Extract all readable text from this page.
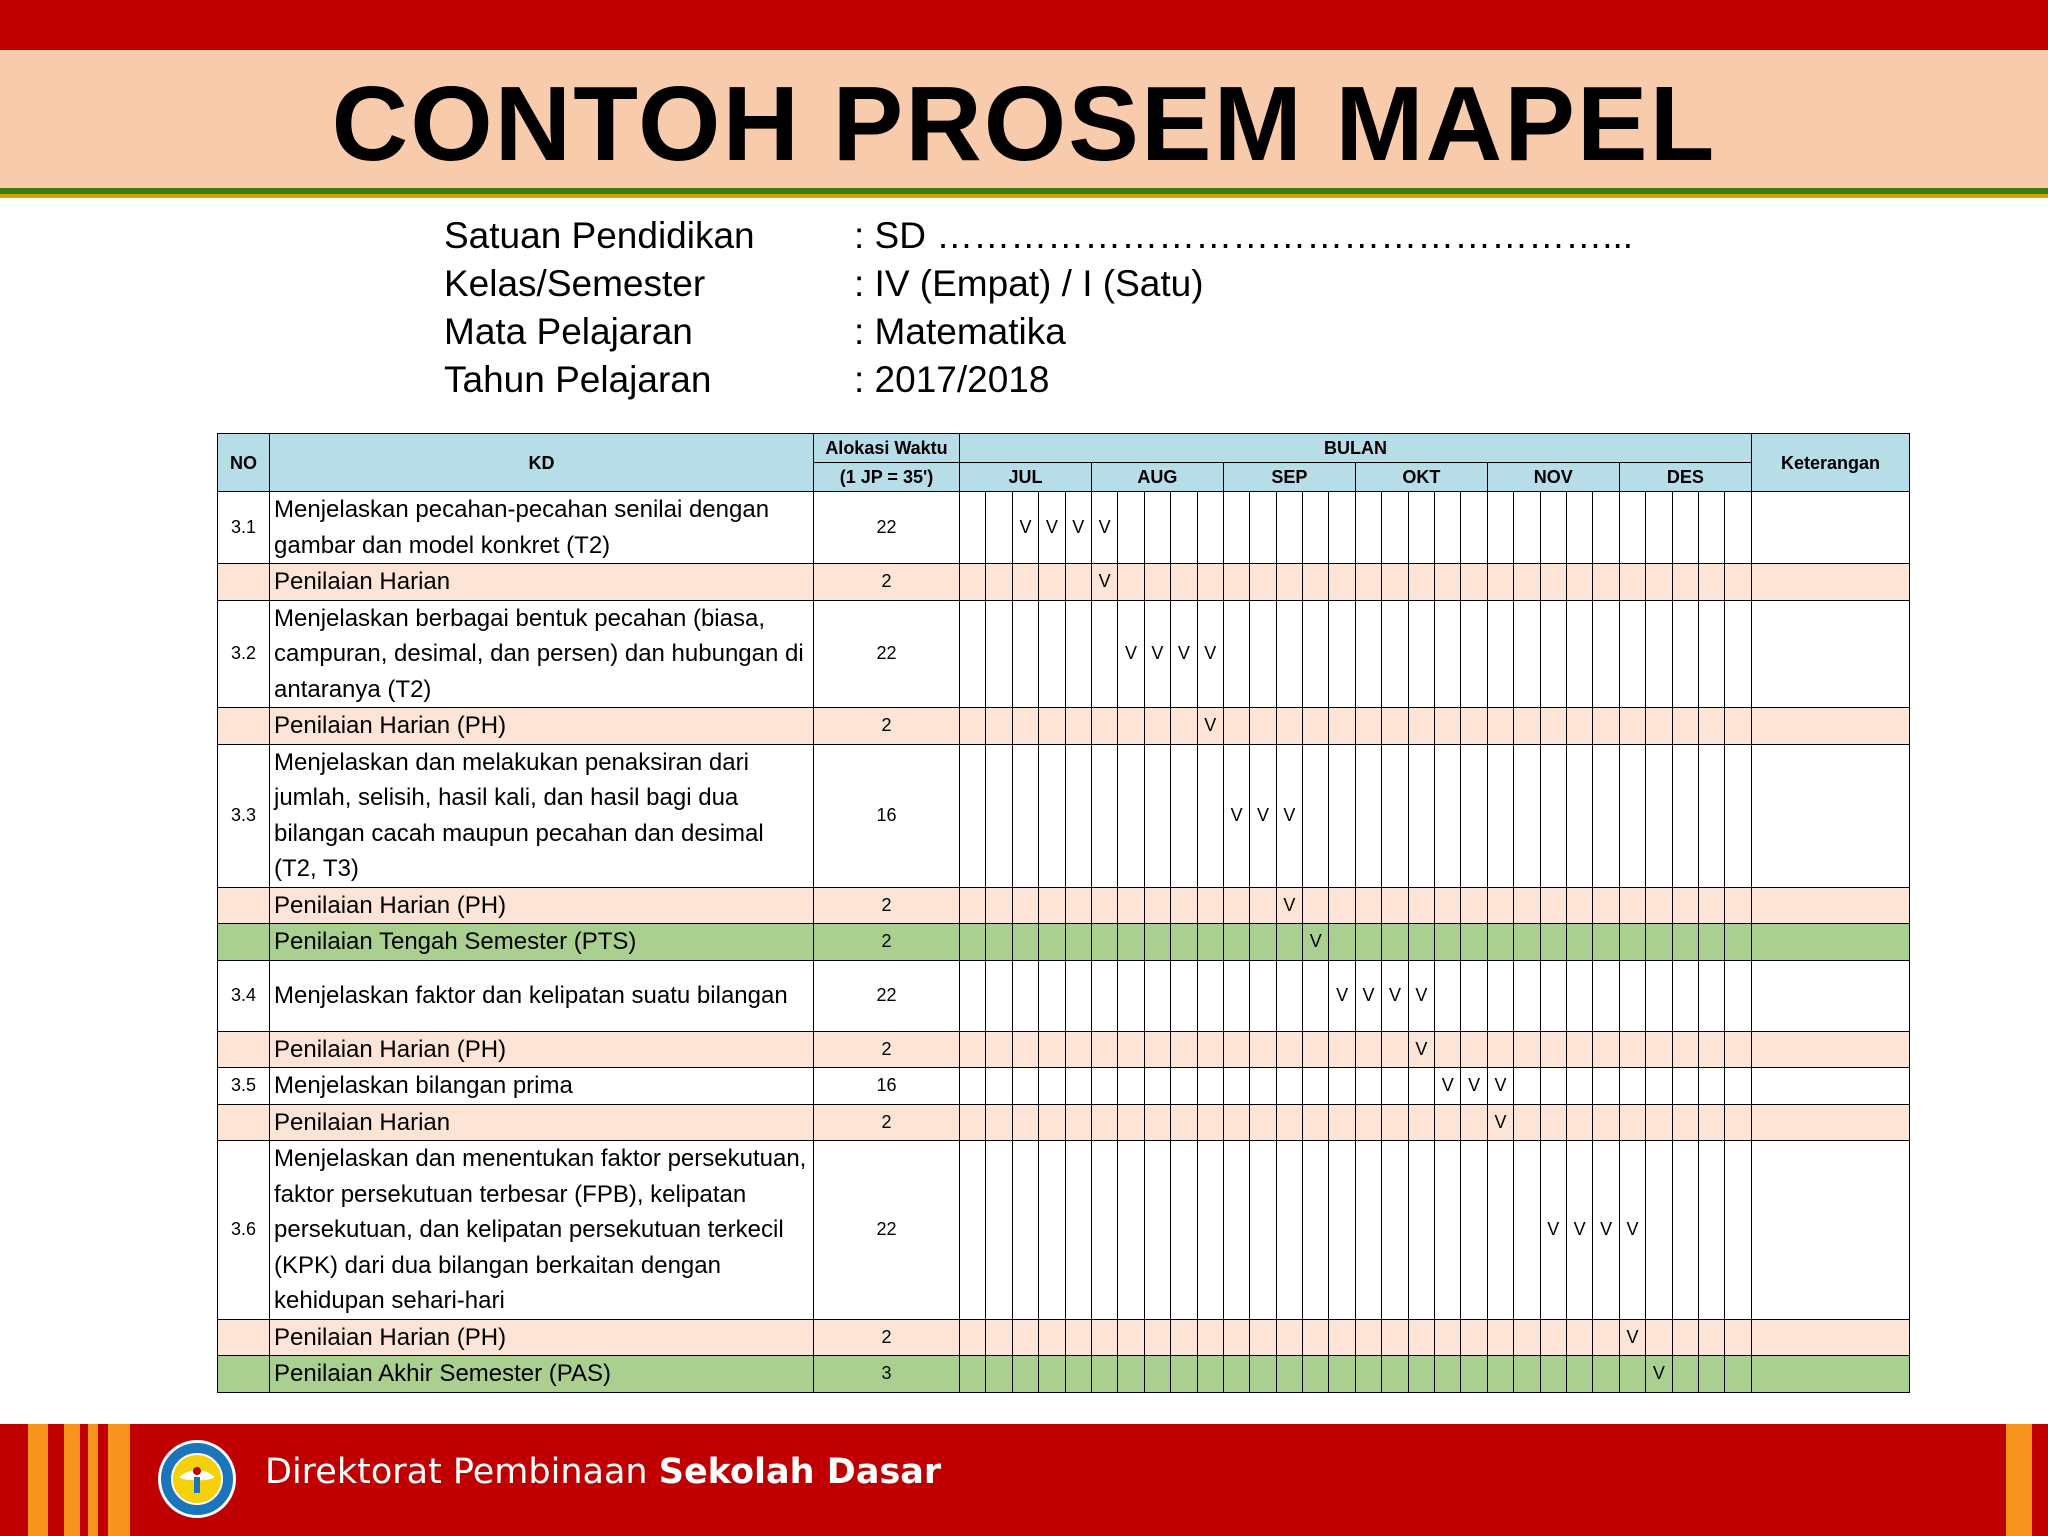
CONTOH PROSEM MAPEL
Satuan Pendidikan	: SD ………………………………………………...
Kelas/Semester	: IV (Empat) / I (Satu)
Mata Pelajaran	: Matematika
Tahun Pelajaran	: 2017/2018
NO	KD	Alokasi Waktu	BULAN																														Keterangan
		(1 JP = 35')	JUL					AUG					SEP					OKT					NOV					DES					
3.1	Menjelaskan pecahan-pecahan senilai dengan gambar dan model konkret (T2)	22			V	V	V	V																									
	Penilaian Harian	2						V																									
3.2	Menjelaskan berbagai bentuk pecahan (biasa, campuran, desimal, dan persen) dan hubungan di antaranya (T2)	22							V	V	V	V																					
	Penilaian Harian (PH)	2										V																					
3.3	Menjelaskan dan melakukan penaksiran dari jumlah, selisih, hasil kali, dan hasil bagi dua bilangan cacah maupun pecahan dan desimal (T2, T3)	16											V	V	V																		
	Penilaian Harian (PH)	2													V																		
	Penilaian Tengah Semester (PTS)	2														V																	
3.4	Menjelaskan faktor dan kelipatan suatu bilangan	22															V	V	V	V													
	Penilaian Harian (PH)	2																		V													
3.5	Menjelaskan bilangan prima	16																			V	V	V										
	Penilaian Harian	2																					V										
3.6	Menjelaskan dan menentukan faktor persekutuan, faktor persekutuan terbesar (FPB), kelipatan persekutuan, dan kelipatan persekutuan terkecil (KPK) dari dua bilangan berkaitan dengan kehidupan sehari-hari	22																							V	V	V	V					
	Penilaian Harian (PH)	2																										V					
	Penilaian Akhir Semester (PAS)	3																											V				
Direktorat Pembinaan Sekolah Dasar
